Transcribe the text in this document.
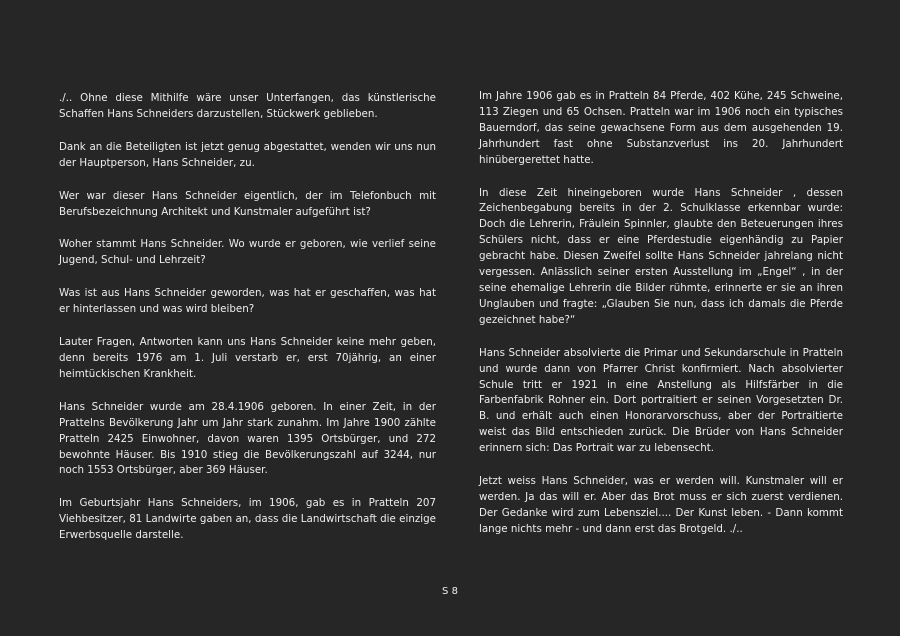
./.. Ohne diese Mithilfe wäre unser Unterfangen, das künstlerische Schaffen Hans Schneiders darzustellen, Stückwerk geblieben.

Dank an die Beteiligten ist jetzt genug abgestattet, wenden wir uns nun der Hauptperson, Hans Schneider, zu.

Wer war dieser Hans Schneider eigentlich, der im Telefonbuch mit Berufsbezeichnung Architekt und Kunstmaler aufgeführt ist?

Woher stammt Hans Schneider. Wo wurde er geboren, wie verlief seine Jugend, Schul- und Lehrzeit?

Was ist aus Hans Schneider geworden, was hat er geschaffen, was hat er hinterlassen und was wird bleiben?

Lauter Fragen, Antworten kann uns Hans Schneider keine mehr geben, denn bereits 1976 am 1. Juli verstarb er, erst 70jährig, an einer heimtückischen Krankheit.

Hans Schneider wurde am 28.4.1906 geboren. In einer Zeit, in der Prattelns Bevölkerung Jahr um Jahr stark zunahm. Im Jahre 1900 zählte Pratteln 2425 Einwohner, davon waren 1395 Ortsbürger, und 272 bewohnte Häuser. Bis 1910 stieg die Bevölkerungszahl auf 3244, nur noch 1553 Ortsbürger, aber 369 Häuser.

Im Geburtsjahr Hans Schneiders, im 1906, gab es in Pratteln 207 Viehbesitzer, 81 Landwirte gaben an, dass die Landwirtschaft die einzige Erwerbsquelle darstelle.

Im Jahre 1906 gab es in Pratteln 84 Pferde, 402 Kühe, 245 Schweine, 113 Ziegen und 65 Ochsen. Pratteln war im 1906 noch ein typisches Bauerndorf, das seine gewachsene Form aus dem ausgehenden 19. Jahrhundert fast ohne Substanzverlust ins 20. Jahrhundert hinübergerettet hatte.

In diese Zeit hineingeboren wurde Hans Schneider , dessen Zeichenbegabung bereits in der 2. Schulklasse erkennbar wurde: Doch die Lehrerin, Fräulein Spinnler, glaubte den Beteuerungen ihres Schülers nicht, dass er eine Pferdestudie eigenhändig zu Papier gebracht habe. Diesen Zweifel sollte Hans Schneider jahrelang nicht vergessen. Anlässlich seiner ersten Ausstellung im „Engel“ , in der seine ehemalige Lehrerin die Bilder rühmte, erinnerte er sie an ihren Unglauben und fragte: „Glauben Sie nun, dass ich damals die Pferde gezeichnet habe?“

Hans Schneider absolvierte die Primar und Sekundarschule in Pratteln und wurde dann von Pfarrer Christ konfirmiert. Nach absolvierter Schule tritt er 1921 in eine Anstellung als Hilfsfärber in die Farbenfabrik Rohner ein. Dort portraitiert er seinen Vorgesetzten Dr. B. und erhält auch einen Honorarvorschuss, aber der Portraitierte weist das Bild entschieden zurück. Die Brüder von Hans Schneider erinnern sich: Das Portrait war zu lebensecht.

Jetzt weiss Hans Schneider, was er werden will. Kunstmaler will er werden. Ja das will er. Aber das Brot muss er sich zuerst verdienen. Der Gedanke wird zum Lebensziel.... Der Kunst leben. - Dann kommt lange nichts mehr - und dann erst das Brotgeld. ./..

S 8
